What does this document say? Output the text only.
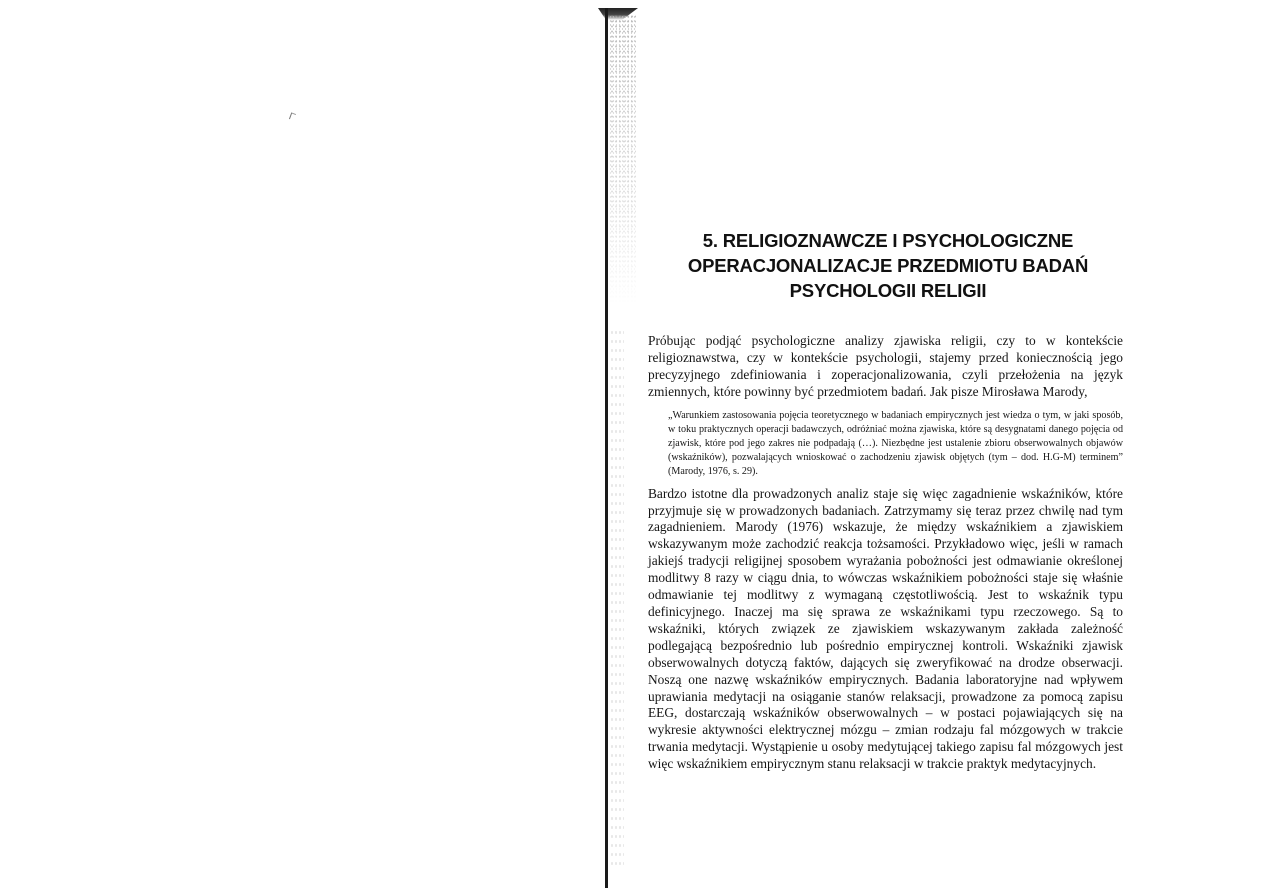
5. RELIGIOZNAWCZE I PSYCHOLOGICZNE
OPERACJONALIZACJE PRZEDMIOTU BADAŃ
PSYCHOLOGII RELIGII

Próbując podjąć psychologiczne analizy zjawiska religii, czy to w kontekście religioznawstwa, czy w kontekście psychologii, stajemy przed koniecznością jego precyzyjnego zdefiniowania i zoperacjonalizowania, czyli przełożenia na język zmiennych, które powinny być przedmiotem badań. Jak pisze Mirosława Marody,

„Warunkiem zastosowania pojęcia teoretycznego w badaniach empirycznych jest wiedza o tym, w jaki sposób, w toku praktycznych operacji badawczych, odróżniać można zjawiska, które są desygnatami danego pojęcia od zjawisk, które pod jego zakres nie podpadają (…). Niezbędne jest ustalenie zbioru obserwowalnych objawów (wskaźników), pozwalających wnioskować o zachodzeniu zjawisk objętych (tym – dod. H.G-M) terminem” (Marody, 1976, s. 29).

Bardzo istotne dla prowadzonych analiz staje się więc zagadnienie wskaźników, które przyjmuje się w prowadzonych badaniach. Zatrzymamy się teraz przez chwilę nad tym zagadnieniem. Marody (1976) wskazuje, że między wskaźnikiem a zjawiskiem wskazywanym może zachodzić reakcja tożsamości. Przykładowo więc, jeśli w ramach jakiejś tradycji religijnej sposobem wyrażania pobożności jest odmawianie określonej modlitwy 8 razy w ciągu dnia, to wówczas wskaźnikiem pobożności staje się właśnie odmawianie tej modlitwy z wymaganą częstotliwością. Jest to wskaźnik typu definicyjnego. Inaczej ma się sprawa ze wskaźnikami typu rzeczowego. Są to wskaźniki, których związek ze zjawiskiem wskazywanym zakłada zależność podlegającą bezpośrednio lub pośrednio empirycznej kontroli. Wskaźniki zjawisk obserwowalnych dotyczą faktów, dających się zweryfikować na drodze obserwacji. Noszą one nazwę wskaźników empirycznych. Badania laboratoryjne nad wpływem uprawiania medytacji na osiąganie stanów relaksacji, prowadzone za pomocą zapisu EEG, dostarczają wskaźników obserwowalnych – w postaci pojawiających się na wykresie aktywności elektrycznej mózgu – zmian rodzaju fal mózgowych w trakcie trwania medytacji. Wystąpienie u osoby medytującej takiego zapisu fal mózgowych jest więc wskaźnikiem empirycznym stanu relaksacji w trakcie praktyk medytacyjnych.
